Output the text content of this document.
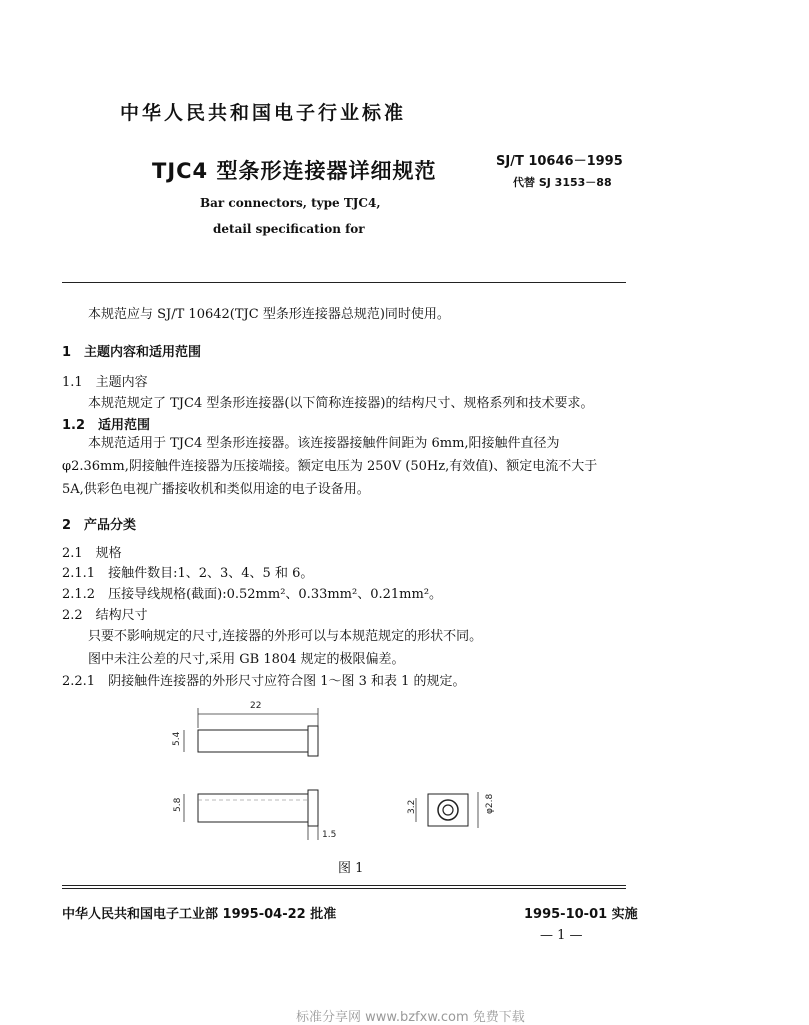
中华人民共和国电子行业标准
TJC4 型条形连接器详细规范	SJ/T 10646－1995
代替 SJ 3153－88
Bar connectors, type TJC4,
detail specification for
本规范应与 SJ/T 10642(TJC 型条形连接器总规范)同时使用。
1　主题内容和适用范围
1.1　主题内容
本规范规定了 TJC4 型条形连接器(以下简称连接器)的结构尺寸、规格系列和技术要求。
1.2　适用范围
本规范适用于 TJC4 型条形连接器。该连接器接触件间距为 6mm,阳接触件直径为
φ2.36mm,阴接触件连接器为压接端接。额定电压为 250V (50Hz,有效值)、额定电流不大于
5A,供彩色电视广播接收机和类似用途的电子设备用。
2　产品分类
2.1　规格
2.1.1　接触件数目:1、2、3、4、5 和 6。
2.1.2　压接导线规格(截面):0.52mm²、0.33mm²、0.21mm²。
2.2　结构尺寸
只要不影响规定的尺寸,连接器的外形可以与本规范规定的形状不同。
图中未注公差的尺寸,采用 GB 1804 规定的极限偏差。
2.2.1　阴接触件连接器的外形尺寸应符合图 1～图 3 和表 1 的规定。
22
5.4
5.8
1.5
3.2	φ2.8
图 1
中华人民共和国电子工业部 1995-04-22 批准	1995-10-01 实施
— 1 —
标准分享网 www.bzfxw.com 免费下载
